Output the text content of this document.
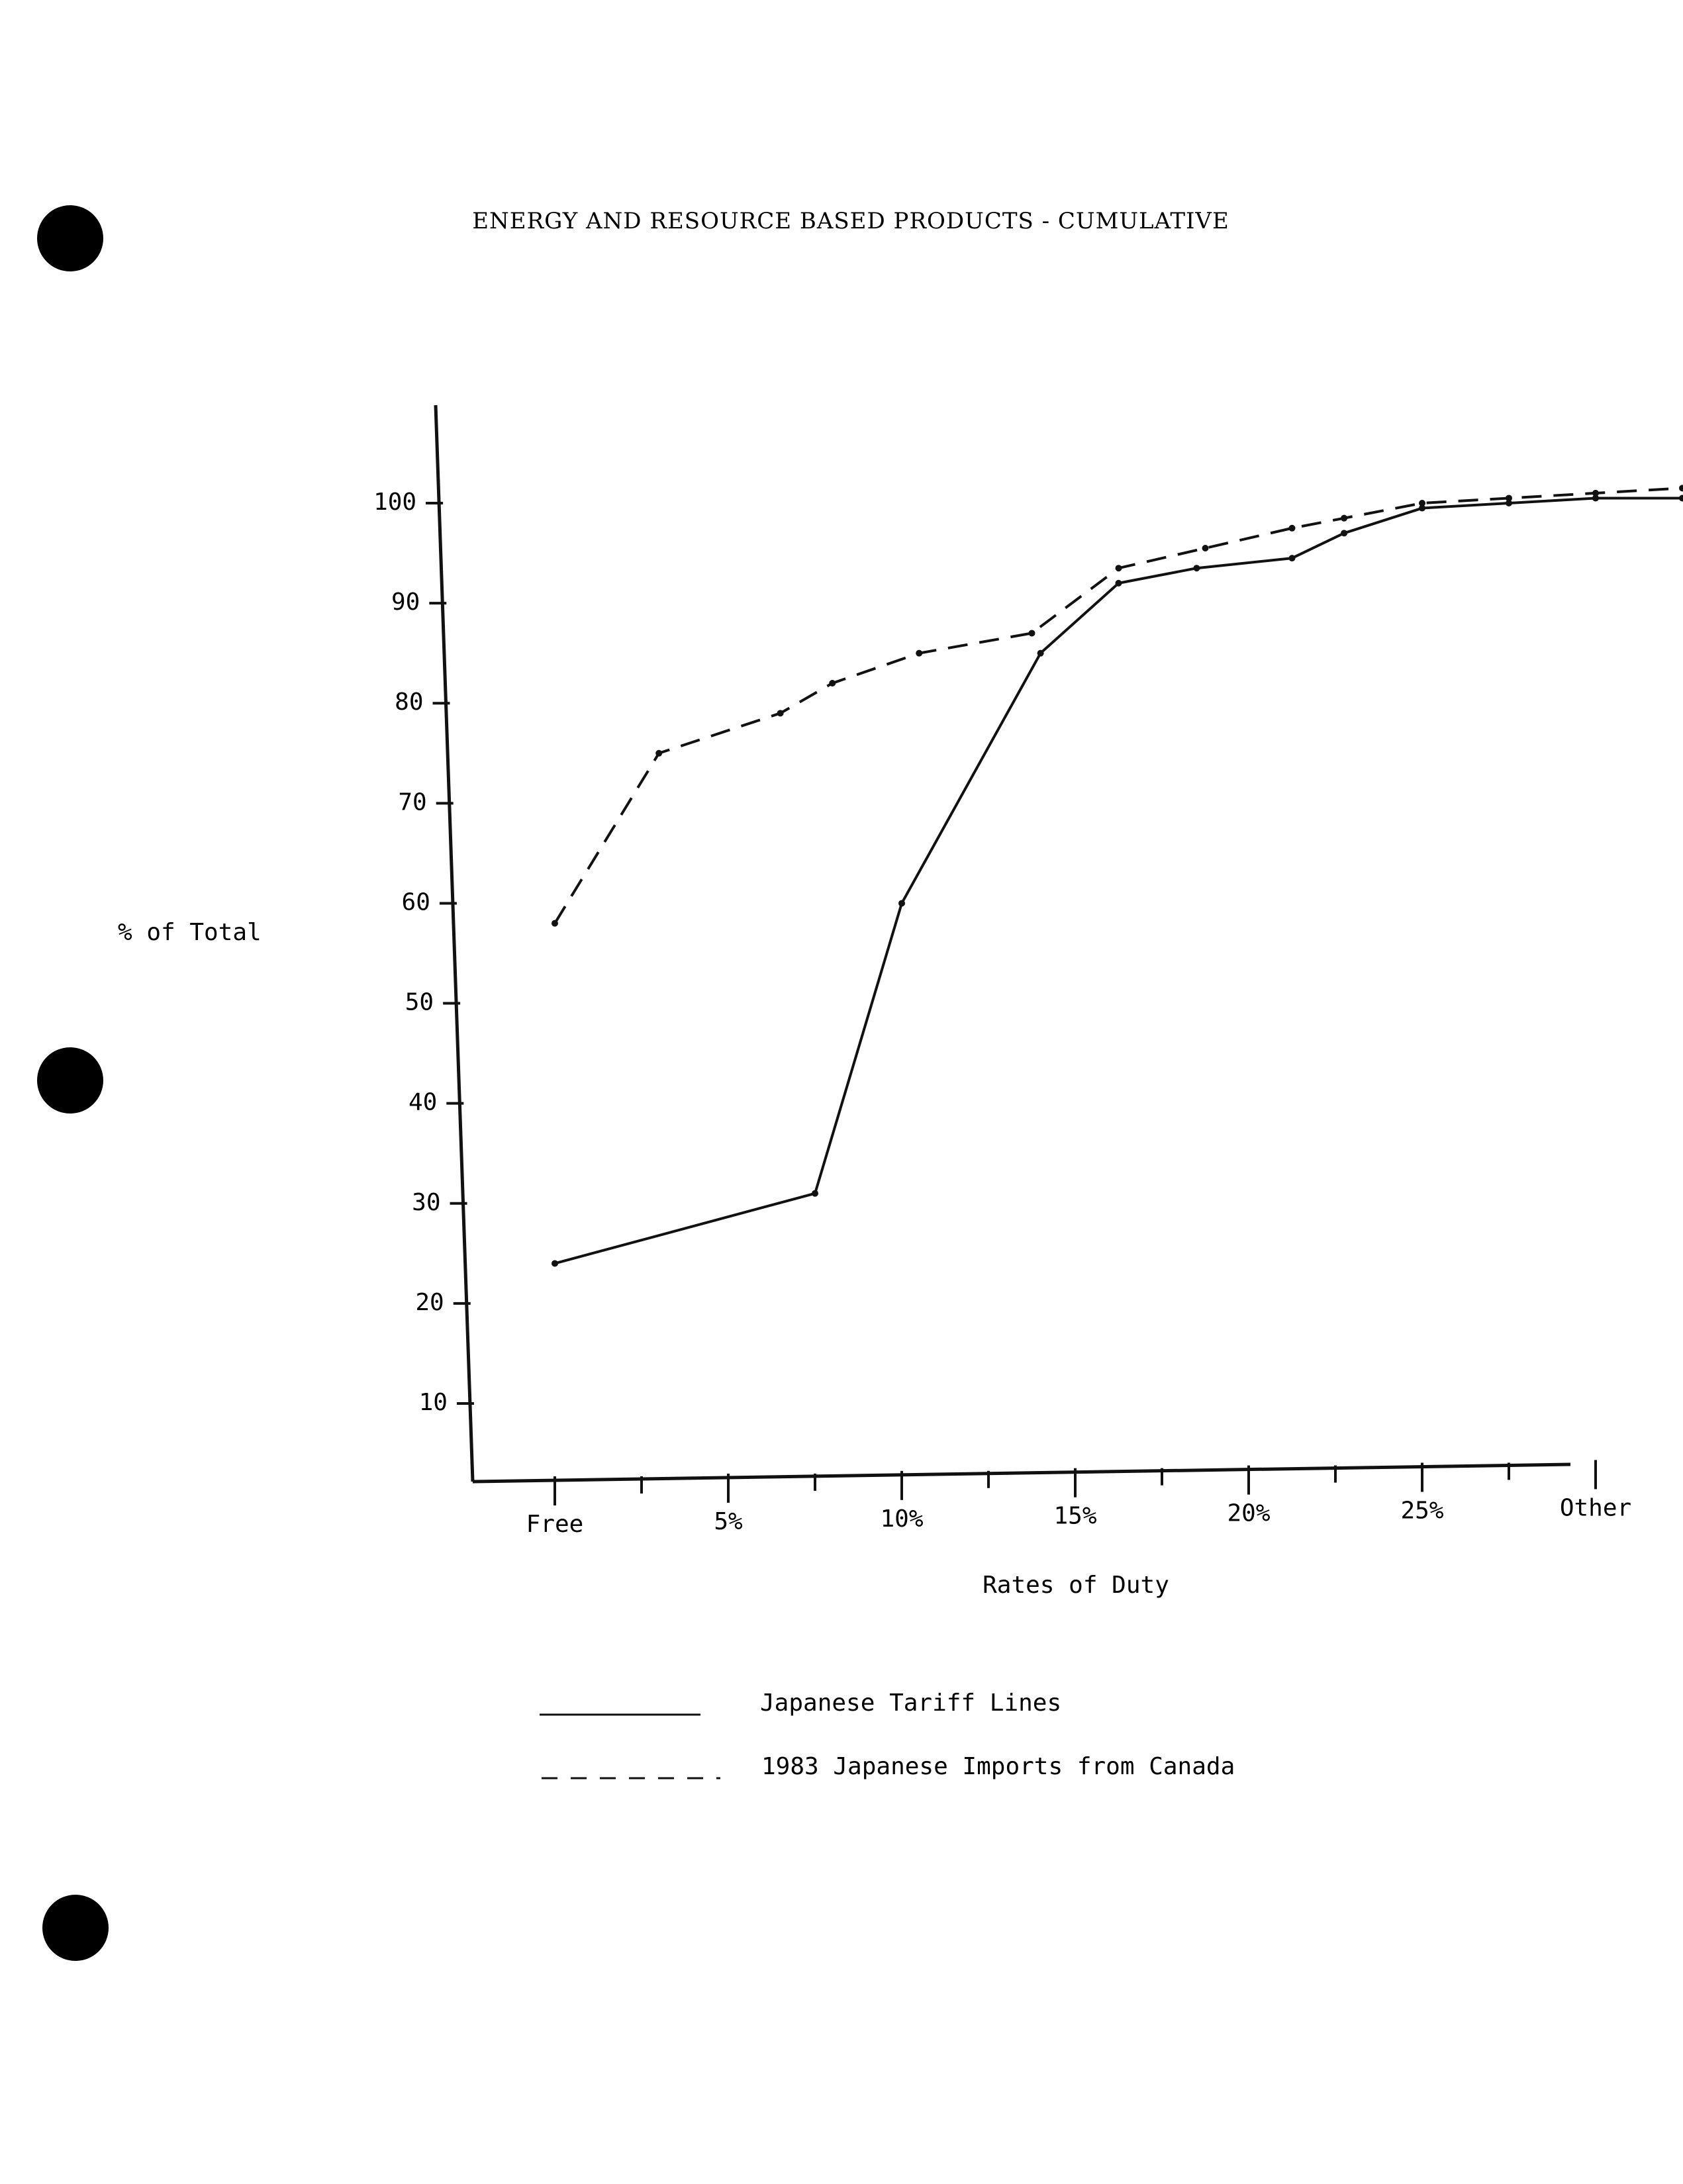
ENERGY AND RESOURCE BASED PRODUCTS - CUMULATIVE
10
20
30
40
50
60
70
80
90
100
Free	5%	10%	15%	20%	25%	Other
% of Total
Rates of Duty
Japanese Tariff Lines
1983 Japanese Imports from Canada
